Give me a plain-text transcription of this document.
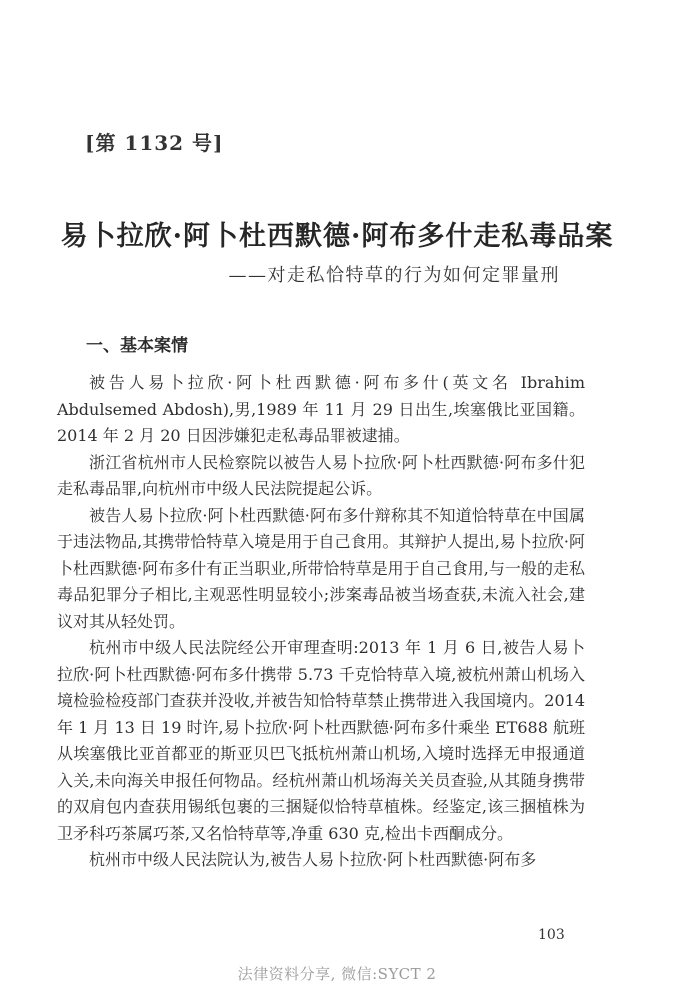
[第 1132 号]
易卜拉欣·阿卜杜西默德·阿布多什走私毒品案
——对走私恰特草的行为如何定罪量刑
一、基本案情

被告人易卜拉欣·阿卜杜西默德·阿布多什(英文名 Ibrahim Abdulsemed Abdosh),男,1989 年 11 月 29 日出生,埃塞俄比亚国籍。2014 年 2 月 20 日因涉嫌犯走私毒品罪被逮捕。

浙江省杭州市人民检察院以被告人易卜拉欣·阿卜杜西默德·阿布多什犯走私毒品罪,向杭州市中级人民法院提起公诉。

被告人易卜拉欣·阿卜杜西默德·阿布多什辩称其不知道恰特草在中国属于违法物品,其携带恰特草入境是用于自己食用。其辩护人提出,易卜拉欣·阿卜杜西默德·阿布多什有正当职业,所带恰特草是用于自己食用,与一般的走私毒品犯罪分子相比,主观恶性明显较小;涉案毒品被当场查获,未流入社会,建议对其从轻处罚。

杭州市中级人民法院经公开审理查明:2013 年 1 月 6 日,被告人易卜拉欣·阿卜杜西默德·阿布多什携带 5.73 千克恰特草入境,被杭州萧山机场入境检验检疫部门查获并没收,并被告知恰特草禁止携带进入我国境内。2014 年 1 月 13 日 19 时许,易卜拉欣·阿卜杜西默德·阿布多什乘坐 ET688 航班从埃塞俄比亚首都亚的斯亚贝巴飞抵杭州萧山机场,入境时选择无申报通道入关,未向海关申报任何物品。经杭州萧山机场海关关员查验,从其随身携带的双肩包内查获用锡纸包裹的三捆疑似恰特草植株。经鉴定,该三捆植株为卫矛科巧茶属巧茶,又名恰特草等,净重 630 克,检出卡西酮成分。

杭州市中级人民法院认为,被告人易卜拉欣·阿卜杜西默德·阿布多

103
法律资料分享, 微信:SYCT 2
